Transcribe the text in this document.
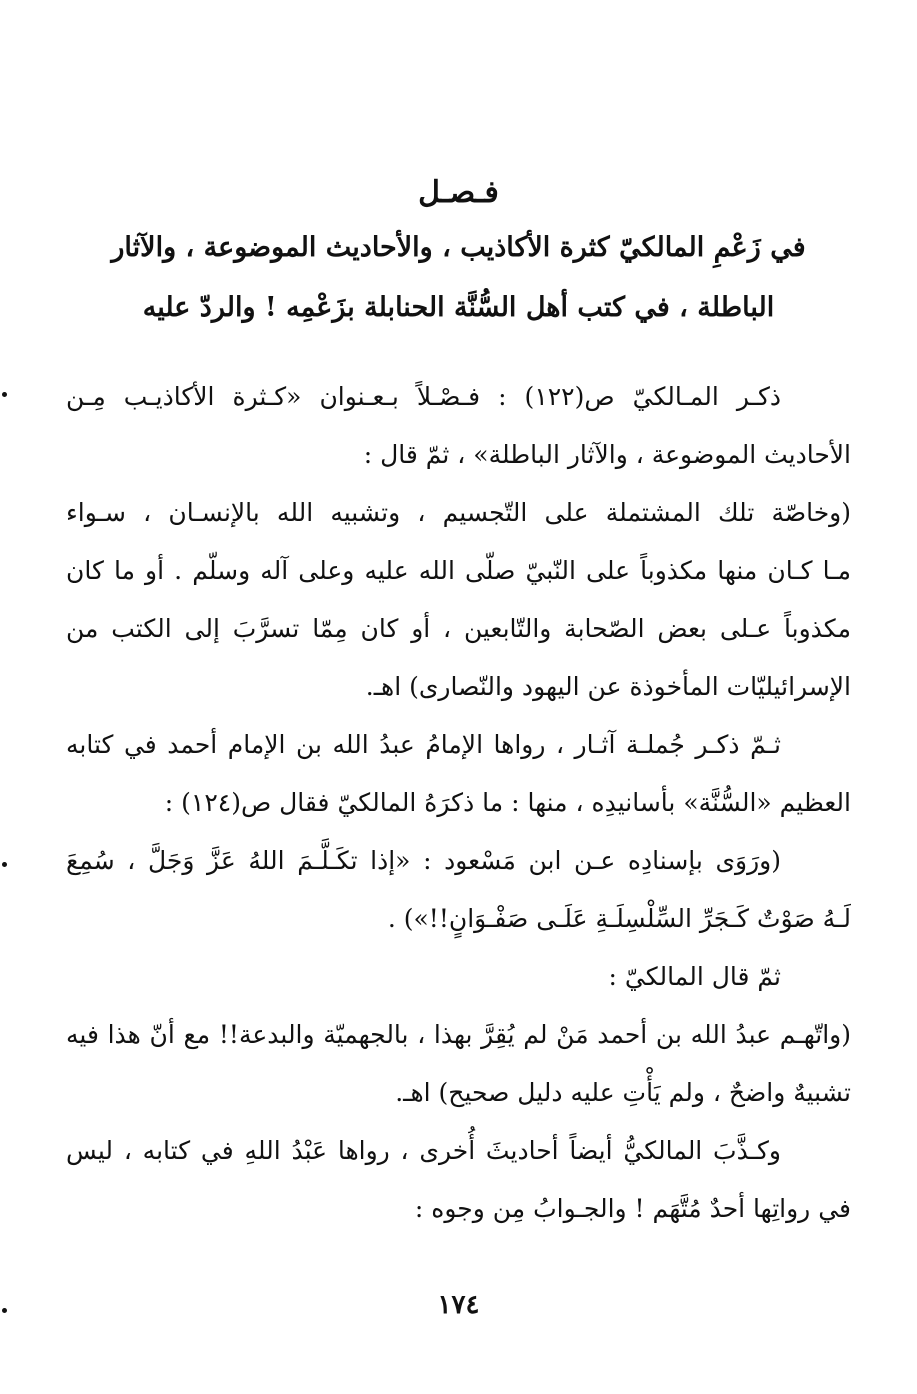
فـصـل

في زَعْمِ المالكيّ كثرة الأكاذيب ، والأحاديث الموضوعة ، والآثار

الباطلة ، في كتب أهل السُّنَّة الحنابلة بزَعْمِه ! والردّ عليه

ذكـر المـالكيّ ص(١٢٢) : فـصْـلاً بـعـنوان «كـثرة الأكاذيـب مِـن
الأحاديث الموضوعة ، والآثار الباطلة» ، ثمّ قال :
(وخاصّة تلك المشتملة على التّجسيم ، وتشبيه الله بالإنسـان ، سـواء
مـا كـان منها مكذوباً على النّبيّ صلّى الله عليه وعلى آله وسلّم . أو ما كان
مكذوباً عـلى بعض الصّحابة والتّابعين ، أو كان مِمّا تسرَّبَ إلى الكتب من
الإسرائيليّات المأخوذة عن اليهود والنّصارى) اهـ.
ثـمّ ذكـر جُملـة آثـار ، رواها الإمامُ عبدُ الله بن الإمام أحمد في كتابه
العظيم «السُّنَّة» بأسانيدِه ، منها : ما ذكرَهُ المالكيّ فقال ص(١٢٤) :
(ورَوَى بإسنادِه عـن ابن مَسْعود : «إذا تكَـلَّـمَ اللهُ عَزَّ وَجَلَّ ، سُمِعَ
لَـهُ صَوْتٌ كَـجَرِّ السِّلْسِلَـةِ عَلَـى صَفْـوَانٍ!!») .
ثمّ قال المالكيّ :
(واتّهـم عبدُ الله بن أحمد مَنْ لم يُقِرَّ بهذا ، بالجهميّة والبدعة!! مع أنّ هذا فيه
تشبيهٌ واضحٌ ، ولم يَأْتِ عليه دليل صحيح) اهـ.
وكـذَّبَ المالكيُّ أيضاً أحاديثَ أُخرى ، رواها عَبْدُ اللهِ في كتابه ، ليس
في رواتِها أحدٌ مُتَّهَم ! والجـوابُ مِن وجوه :
١٧٤
